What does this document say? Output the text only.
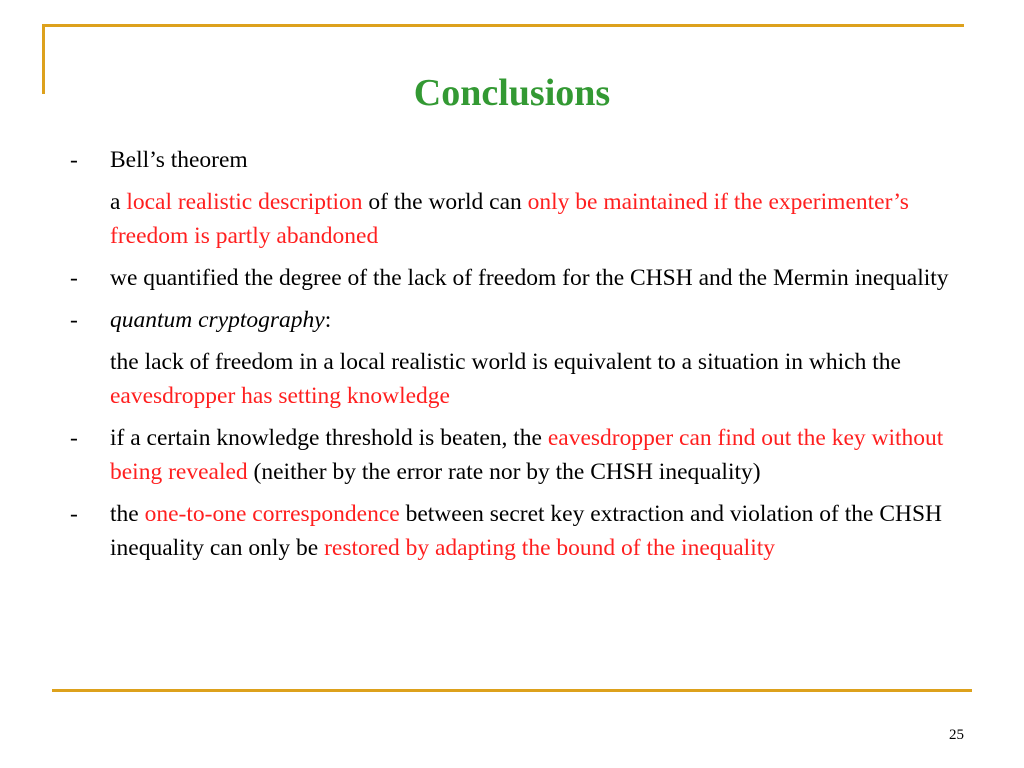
Conclusions
-	Bell’s theorem
a local realistic description of the world can only be maintained if the experimenter’s freedom is partly abandoned
-	we quantified the degree of the lack of freedom for the CHSH and the Mermin inequality
-	quantum cryptography:
the lack of freedom in a local realistic world is equivalent to a situation in which the eavesdropper has setting knowledge
-	if a certain knowledge threshold is beaten, the eavesdropper can find out the key without being revealed (neither by the error rate nor by the CHSH inequality)
-	the one-to-one correspondence between secret key extraction and violation of the CHSH inequality can only be restored by adapting the bound of the inequality
25
